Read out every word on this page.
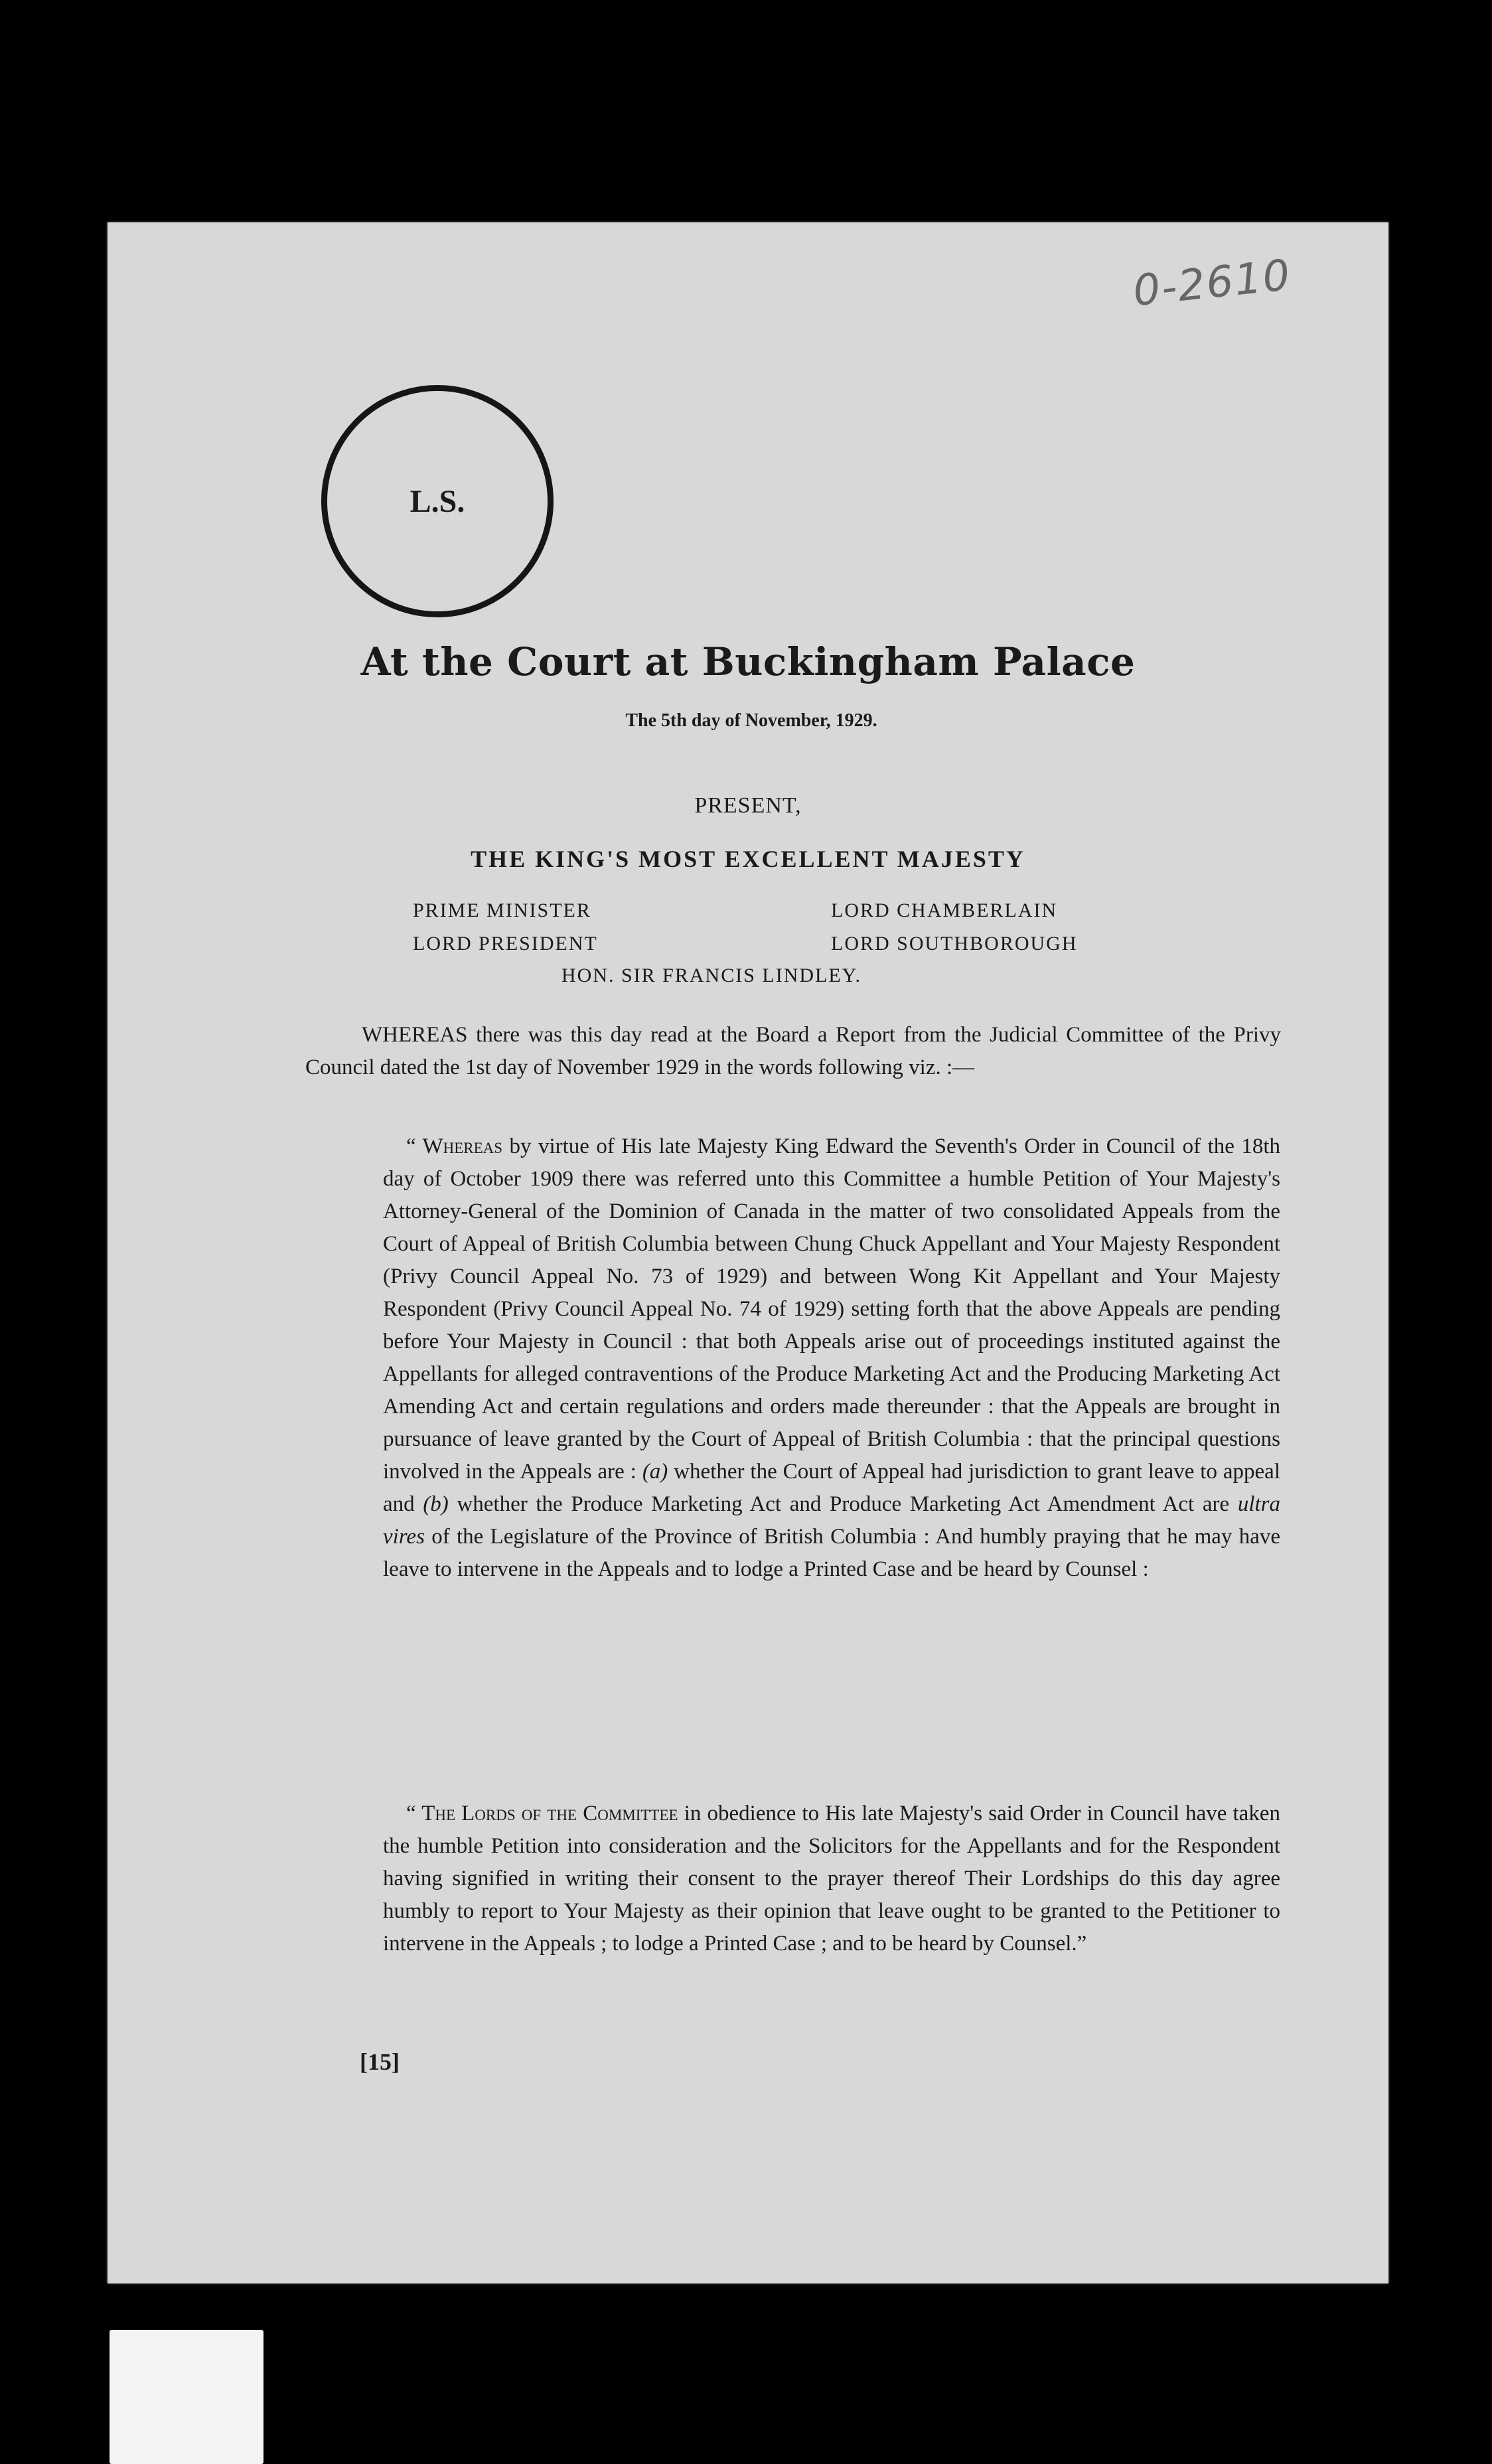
0-2610
L.S.
At the Court at Buckingham Palace
The 5th day of November, 1929.
PRESENT,
THE KING'S MOST EXCELLENT MAJESTY
PRIME MINISTER	LORD CHAMBERLAIN
LORD PRESIDENT	LORD SOUTHBOROUGH
HON. SIR FRANCIS LINDLEY.

WHEREAS there was this day read at the Board a Report from the Judicial Committee of the Privy Council dated the 1st day of November 1929 in the words following viz. :—

“ Whereas by virtue of His late Majesty King Edward the Seventh's Order in Council of the 18th day of October 1909 there was referred unto this Committee a humble Petition of Your Majesty's Attorney-General of the Dominion of Canada in the matter of two consolidated Appeals from the Court of Appeal of British Columbia between Chung Chuck Appellant and Your Majesty Respondent (Privy Council Appeal No. 73 of 1929) and between Wong Kit Appellant and Your Majesty Respondent (Privy Council Appeal No. 74 of 1929) setting forth that the above Appeals are pending before Your Majesty in Council : that both Appeals arise out of proceedings instituted against the Appellants for alleged contraventions of the Produce Marketing Act and the Producing Marketing Act Amending Act and certain regulations and orders made thereunder : that the Appeals are brought in pursuance of leave granted by the Court of Appeal of British Columbia : that the principal questions involved in the Appeals are : (a) whether the Court of Appeal had jurisdiction to grant leave to appeal and (b) whether the Produce Marketing Act and Produce Marketing Act Amendment Act are ultra vires of the Legislature of the Province of British Columbia : And humbly praying that he may have leave to intervene in the Appeals and to lodge a Printed Case and be heard by Counsel :

“ The Lords of the Committee in obedience to His late Majesty's said Order in Council have taken the humble Petition into consideration and the Solicitors for the Appellants and for the Respondent having signified in writing their consent to the prayer thereof Their Lordships do this day agree humbly to report to Your Majesty as their opinion that leave ought to be granted to the Petitioner to intervene in the Appeals ; to lodge a Printed Case ; and to be heard by Counsel.”

[15]
